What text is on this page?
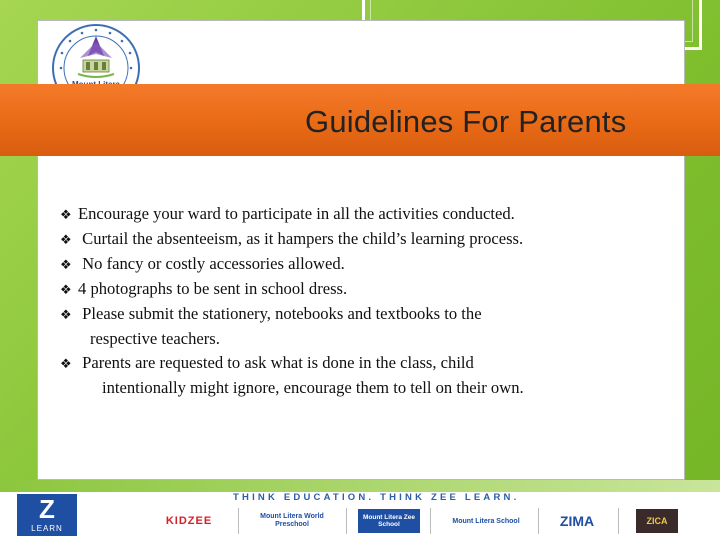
Guidelines For Parents
❖ Encourage your ward to participate in all the activities conducted.
❖ Curtail the absenteeism, as it hampers the child’s learning process.
❖ No fancy or costly accessories allowed.
❖ 4 photographs to be sent in school dress.
❖ Please submit the stationery, notebooks and textbooks to the
respective teachers.
❖ Parents are requested to ask what is done in the class, child
intentionally might ignore, encourage them to tell on their own.
Z
LEARN
THINK EDUCATION. THINK ZEE LEARN.
KIDZEE	Mount Litera World Preschool
Mount Litera Zee School	Mount Litera School	ZIMA	ZICA
